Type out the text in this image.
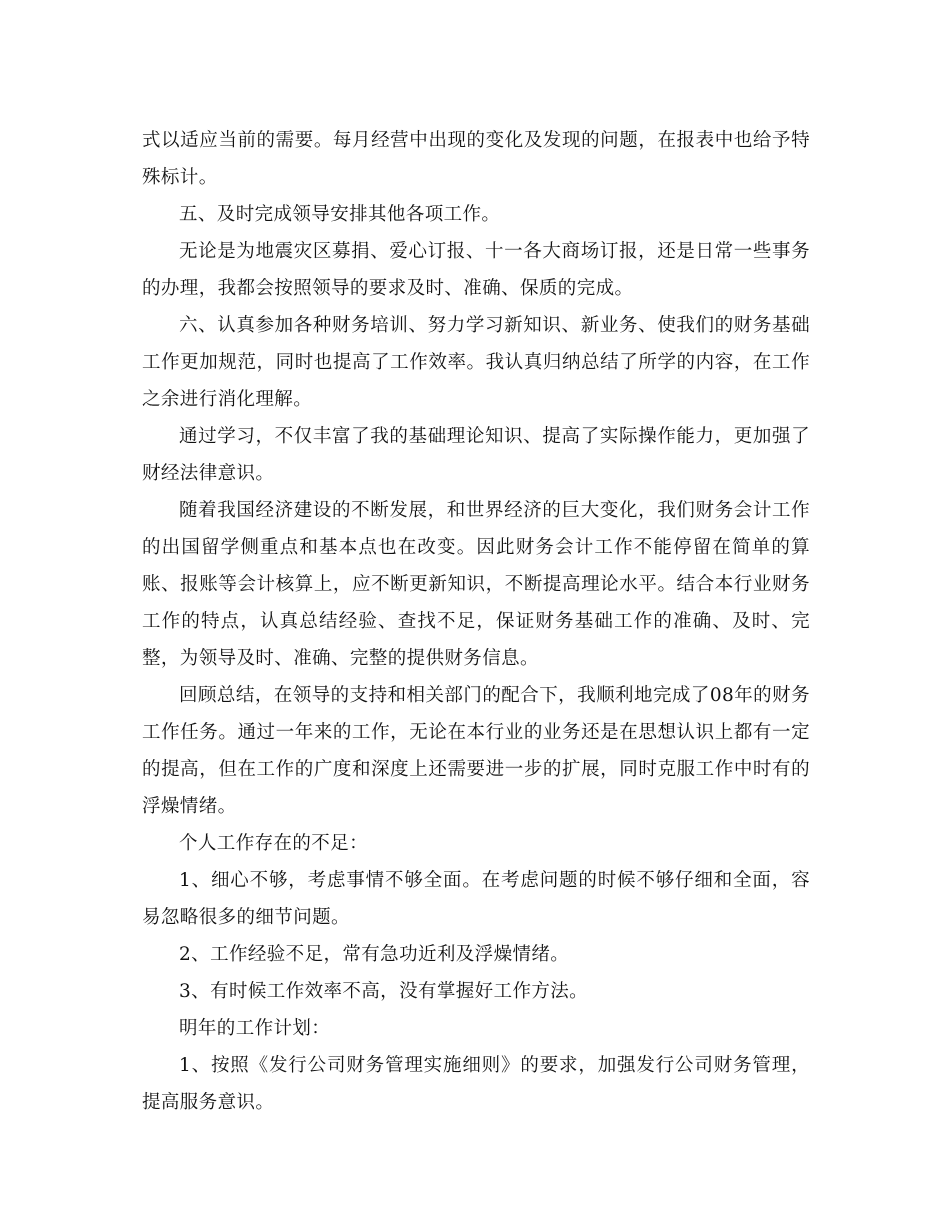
式以适应当前的需要。每月经营中出现的变化及发现的问题，在报表中也给予特殊标计。

五、及时完成领导安排其他各项工作。

无论是为地震灾区募捐、爱心订报、十一各大商场订报，还是日常一些事务的办理，我都会按照领导的要求及时、准确、保质的完成。

六、认真参加各种财务培训、努力学习新知识、新业务、使我们的财务基础工作更加规范，同时也提高了工作效率。我认真归纳总结了所学的内容，在工作之余进行消化理解。

通过学习，不仅丰富了我的基础理论知识、提高了实际操作能力，更加强了财经法律意识。

随着我国经济建设的不断发展，和世界经济的巨大变化，我们财务会计工作的出国留学侧重点和基本点也在改变。因此财务会计工作不能停留在简单的算账、报账等会计核算上，应不断更新知识，不断提高理论水平。结合本行业财务工作的特点，认真总结经验、查找不足，保证财务基础工作的准确、及时、完整，为领导及时、准确、完整的提供财务信息。

回顾总结，在领导的支持和相关部门的配合下，我顺利地完成了08年的财务工作任务。通过一年来的工作，无论在本行业的业务还是在思想认识上都有一定的提高，但在工作的广度和深度上还需要进一步的扩展，同时克服工作中时有的浮燥情绪。

个人工作存在的不足：

1、细心不够，考虑事情不够全面。在考虑问题的时候不够仔细和全面，容易忽略很多的细节问题。

2、工作经验不足，常有急功近利及浮燥情绪。

3、有时候工作效率不高，没有掌握好工作方法。

明年的工作计划：

1、按照《发行公司财务管理实施细则》的要求，加强发行公司财务管理，提高服务意识。
